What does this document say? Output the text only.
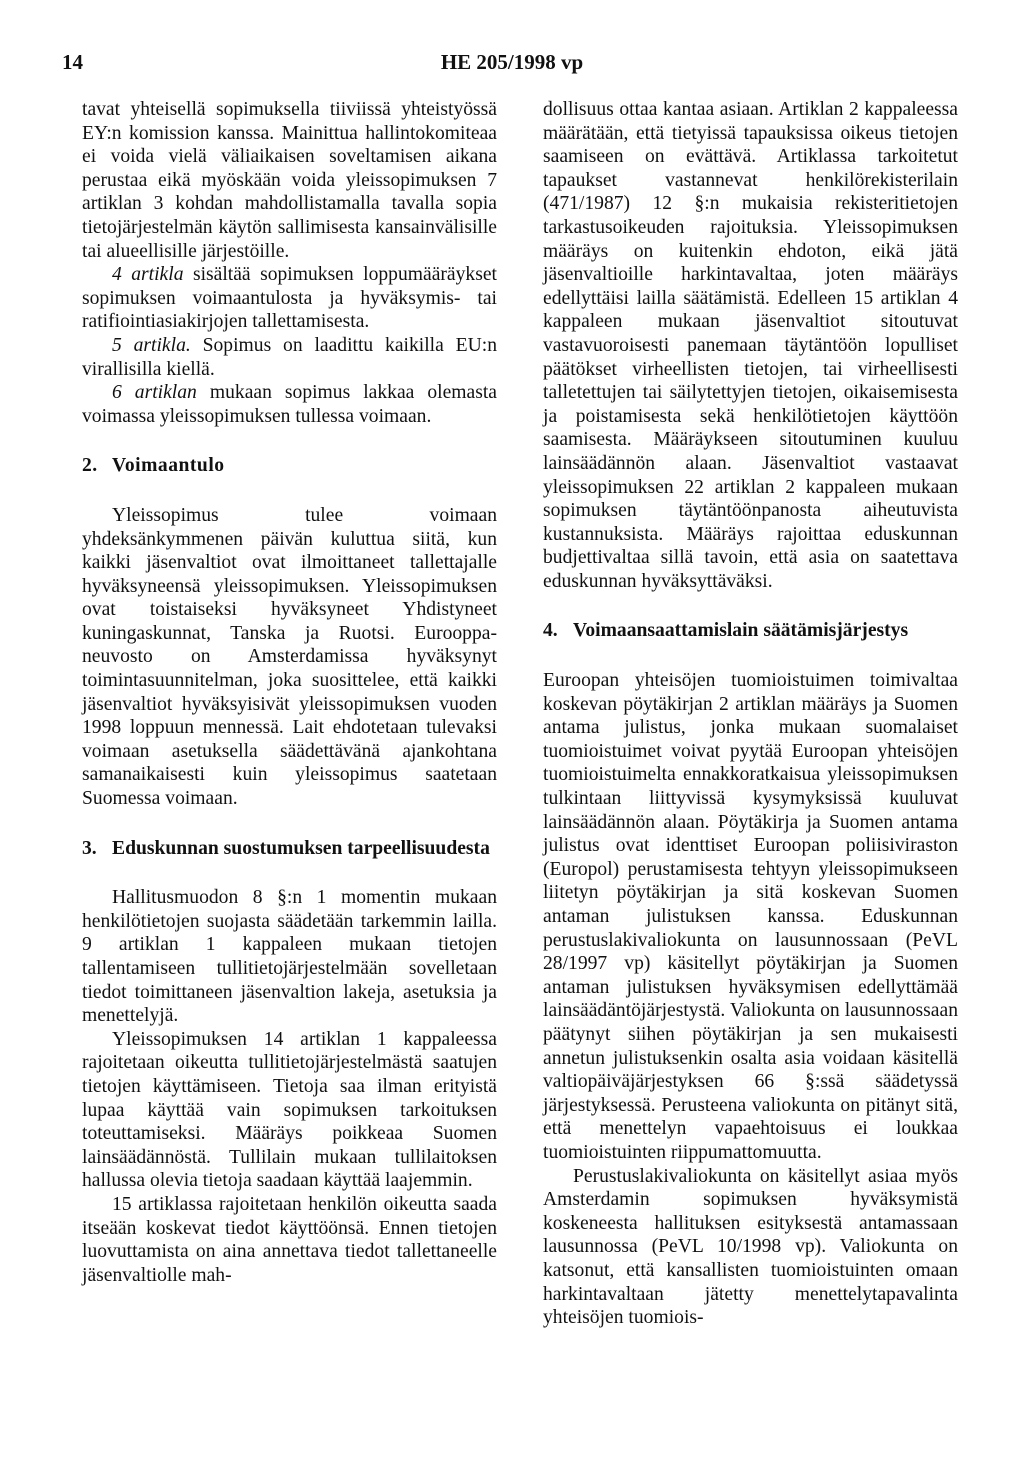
14	HE 205/1998 vp

tavat yhteisellä sopimuksella tiiviissä yhteistyössä EY:n komission kanssa. Mainittua hallintokomiteaa ei voida vielä väliaikaisen soveltamisen aikana perustaa eikä myöskään voida yleissopimuksen 7 artiklan 3 kohdan mahdollistamalla tavalla sopia tietojärjestelmän käytön sallimisesta kansainvälisille tai alueellisille järjestöille.

4 artikla sisältää sopimuksen loppumääräykset sopimuksen voimaantulosta ja hyväksymis- tai ratifiointiasiakirjojen tallettamisesta.

5 artikla. Sopimus on laadittu kaikilla EU:n virallisilla kiellä.

6 artiklan mukaan sopimus lakkaa olemasta voimassa yleissopimuksen tullessa voimaan.

2. Voimaantulo

Yleissopimus tulee voimaan yhdeksänkymmenen päivän kuluttua siitä, kun kaikki jäsenvaltiot ovat ilmoittaneet tallettajalle hyväksyneensä yleissopimuksen. Yleissopimuksen ovat toistaiseksi hyväksyneet Yhdistyneet kuningaskunnat, Tanska ja Ruotsi. Eurooppa-neuvosto on Amsterdamissa hyväksynyt toimintasuunnitelman, joka suosittelee, että kaikki jäsenvaltiot hyväksyisivät yleissopimuksen vuoden 1998 loppuun mennessä. Lait ehdotetaan tulevaksi voimaan asetuksella säädettävänä ajankohtana samanaikaisesti kuin yleissopimus saatetaan Suomessa voimaan.

3. Eduskunnan suostumuksen tarpeellisuudesta

Hallitusmuodon 8 §:n 1 momentin mukaan henkilötietojen suojasta säädetään tarkemmin lailla. 9 artiklan 1 kappaleen mukaan tietojen tallentamiseen tullitietojärjestelmään sovelletaan tiedot toimittaneen jäsenvaltion lakeja, asetuksia ja menettelyjä.

Yleissopimuksen 14 artiklan 1 kappaleessa rajoitetaan oikeutta tullitietojärjestelmästä saatujen tietojen käyttämiseen. Tietoja saa ilman erityistä lupaa käyttää vain sopimuksen tarkoituksen toteuttamiseksi. Määräys poikkeaa Suomen lainsäädännöstä. Tullilain mukaan tullilaitoksen hallussa olevia tietoja saadaan käyttää laajemmin.

15 artiklassa rajoitetaan henkilön oikeutta saada itseään koskevat tiedot käyttöönsä. Ennen tietojen luovuttamista on aina annettava tiedot tallettaneelle jäsenvaltiolle mah-

dollisuus ottaa kantaa asiaan. Artiklan 2 kappaleessa määrätään, että tietyissä tapauksissa oikeus tietojen saamiseen on evättävä. Artiklassa tarkoitetut tapaukset vastannevat henkilörekisterilain (471/1987) 12 §:n mukaisia rekisteritietojen tarkastusoikeuden rajoituksia. Yleissopimuksen määräys on kuitenkin ehdoton, eikä jätä jäsenvaltioille harkintavaltaa, joten määräys edellyttäisi lailla säätämistä. Edelleen 15 artiklan 4 kappaleen mukaan jäsenvaltiot sitoutuvat vastavuoroisesti panemaan täytäntöön lopulliset päätökset virheellisten tietojen, tai virheellisesti talletettujen tai säilytettyjen tietojen, oikaisemisesta ja poistamisesta sekä henkilötietojen käyttöön saamisesta. Määräykseen sitoutuminen kuuluu lainsäädännön alaan. Jäsenvaltiot vastaavat yleissopimuksen 22 artiklan 2 kappaleen mukaan sopimuksen täytäntöönpanosta aiheutuvista kustannuksista. Määräys rajoittaa eduskunnan budjettivaltaa sillä tavoin, että asia on saatettava eduskunnan hyväksyttäväksi.

4. Voimaansaattamislain säätämisjärjestys

Euroopan yhteisöjen tuomioistuimen toimivaltaa koskevan pöytäkirjan 2 artiklan määräys ja Suomen antama julistus, jonka mukaan suomalaiset tuomioistuimet voivat pyytää Euroopan yhteisöjen tuomioistuimelta ennakkoratkaisua yleissopimuksen tulkintaan liittyvissä kysymyksissä kuuluvat lainsäädännön alaan. Pöytäkirja ja Suomen antama julistus ovat identtiset Euroopan poliisiviraston (Europol) perustamisesta tehtyyn yleissopimukseen liitetyn pöytäkirjan ja sitä koskevan Suomen antaman julistuksen kanssa. Eduskunnan perustuslakivaliokunta on lausunnossaan (PeVL 28/1997 vp) käsitellyt pöytäkirjan ja Suomen antaman julistuksen hyväksymisen edellyttämää lainsäädäntöjärjestystä. Valiokunta on lausunnossaan päätynyt siihen pöytäkirjan ja sen mukaisesti annetun julistuksenkin osalta asia voidaan käsitellä valtiopäiväjärjestyksen 66 §:ssä säädetyssä järjestyksessä. Perusteena valiokunta on pitänyt sitä, että menettelyn vapaehtoisuus ei loukkaa tuomioistuinten riippumattomuutta.

Perustuslakivaliokunta on käsitellyt asiaa myös Amsterdamin sopimuksen hyväksymistä koskeneesta hallituksen esityksestä antamassaan lausunnossa (PeVL 10/1998 vp). Valiokunta on katsonut, että kansallisten tuomioistuinten omaan harkintavaltaan jätetty menettelytapavalinta yhteisöjen tuomiois-
